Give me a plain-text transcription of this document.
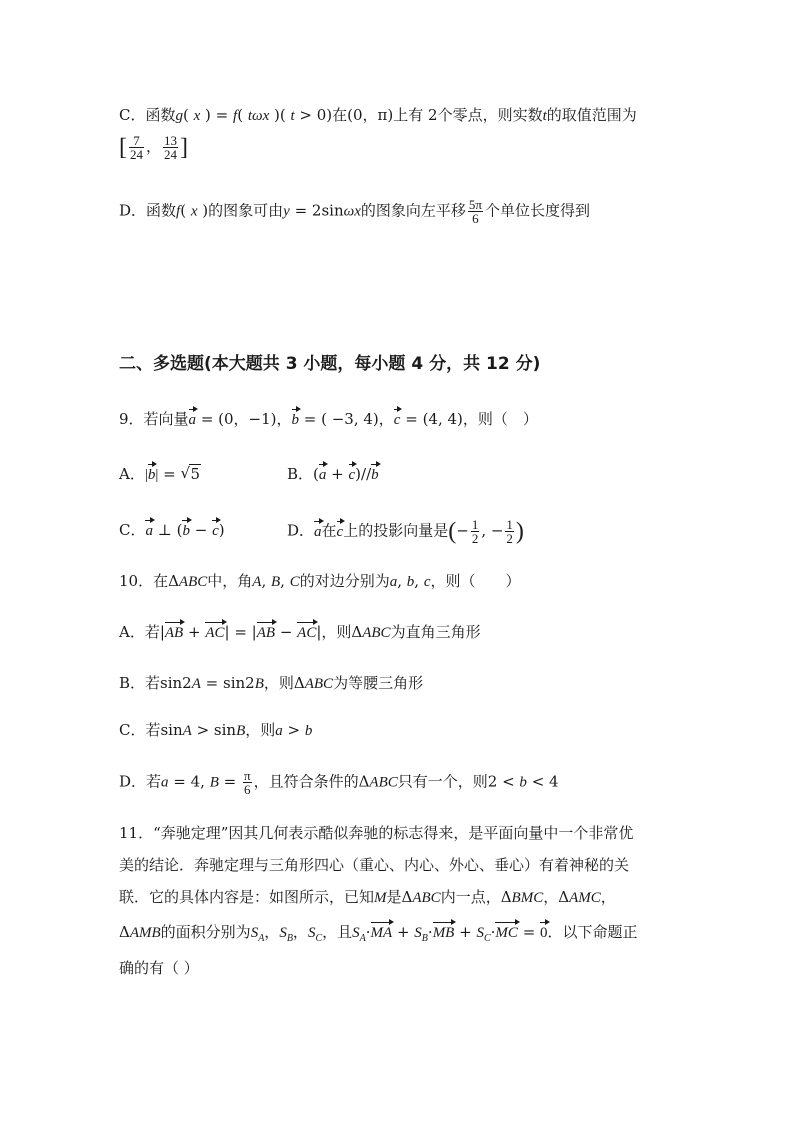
C．函数g( x ) = f( tωx )( t > 0)在(0，π)上有 2个零点，则实数t的取值范围为
[ $\frac{7}{24}$ ， $\frac{13}{24}$ ]
D．函数f( x )的图象可由y = 2sinωx的图象向左平移 $\frac{5\pi}{6}$ 个单位长度得到
二、多选题(本大题共 3 小题，每小题 4 分，共 12 分)
9．若向量a = (0，−1)，b = ( −3, 4)，c = (4, 4)，则（　）
A．|b| = √ 5	B．(a + c)//b
C．a ⊥ (b − c)	D．a在c上的投影向量是(− $\frac{1}{2}$ , − $\frac{1}{2}$ )
10．在ΔABC中，角A, B, C的对边分别为a, b, c，则（　　）
A．若|AB + AC| = |AB − AC|，则ΔABC为直角三角形
B．若sin2A = sin2B，则ΔABC为等腰三角形
C．若sinA > sinB，则a > b
D．若a = 4, $B = \frac{\pi}{6}$ ，且符合条件的ΔABC只有一个，则2 < b < 4
11．“奔驰定理”因其几何表示酷似奔驰的标志得来，是平面向量中一个非常优
美的结论．奔驰定理与三角形四心（重心、内心、外心、垂心）有着神秘的关
联．它的具体内容是：如图所示，已知M是ΔABC内一点，ΔBMC，ΔAMC，
ΔAMB的面积分别为$S_A$，$S_B$，$S_C$，且$S_A\cdot MA + S_B\cdot MB + S_C\cdot MC = 0$．以下命题正
确的有（ ）
